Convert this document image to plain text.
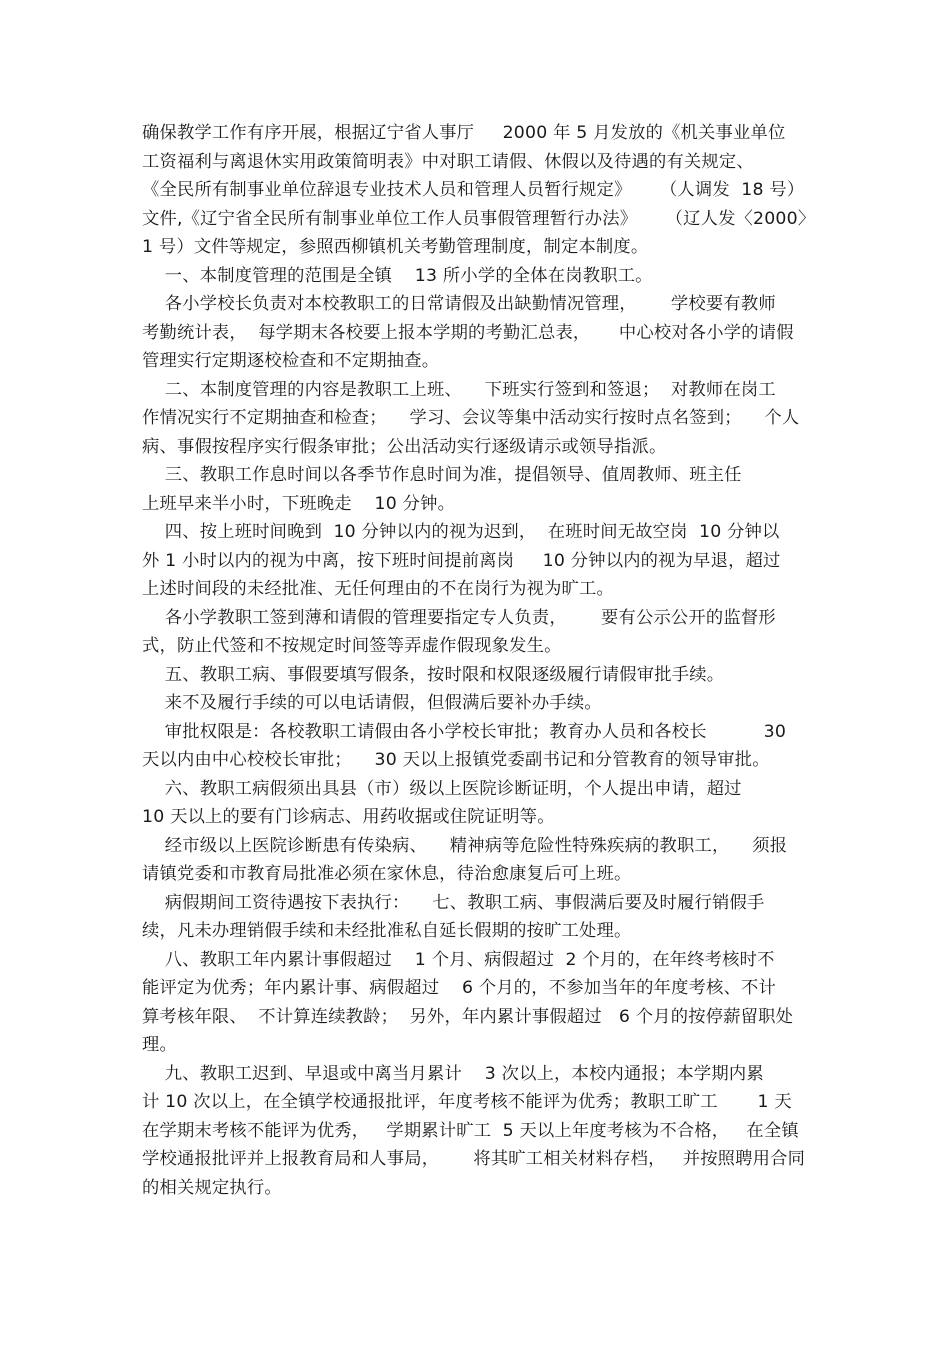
确保教学工作有序开展，根据辽宁省人事厅     2000 年 5 月发放的《机关事业单位
工资福利与离退休实用政策简明表》中对职工请假、休假以及待遇的有关规定、
《全民所有制事业单位辞退专业技术人员和管理人员暂行规定》     （人调发  18 号）
文件,《辽宁省全民所有制事业单位工作人员事假管理暂行办法》     （辽人发〈2000〉
1 号）文件等规定，参照西柳镇机关考勤管理制度，制定本制度。
一、本制度管理的范围是全镇    13 所小学的全体在岗教职工。
各小学校长负责对本校教职工的日常请假及出缺勤情况管理，      学校要有教师
考勤统计表，  每学期末各校要上报本学期的考勤汇总表，     中心校对各小学的请假
管理实行定期逐校检查和不定期抽查。
二、本制度管理的内容是教职工上班、    下班实行签到和签退；  对教师在岗工
作情况实行不定期抽查和检查；    学习、会议等集中活动实行按时点名签到；    个人
病、事假按程序实行假条审批；公出活动实行逐级请示或领导指派。
三、教职工作息时间以各季节作息时间为准，提倡领导、值周教师、班主任
上班早来半小时，下班晚走    10 分钟。
四、按上班时间晚到  10 分钟以内的视为迟到，  在班时间无故空岗  10 分钟以
外 1 小时以内的视为中离，按下班时间提前离岗     10 分钟以内的视为早退，超过
上述时间段的未经批准、无任何理由的不在岗行为视为旷工。
各小学教职工签到薄和请假的管理要指定专人负责，      要有公示公开的监督形
式，防止代签和不按规定时间签等弄虚作假现象发生。
五、教职工病、事假要填写假条，按时限和权限逐级履行请假审批手续。
来不及履行手续的可以电话请假，但假满后要补办手续。
审批权限是：各校教职工请假由各小学校长审批；教育办人员和各校长          30
天以内由中心校校长审批；    30 天以上报镇党委副书记和分管教育的领导审批。
六、教职工病假须出具县（市）级以上医院诊断证明，个人提出申请，超过
10 天以上的要有门诊病志、用药收据或住院证明等。
经市级以上医院诊断患有传染病、    精神病等危险性特殊疾病的教职工，    须报
请镇党委和市教育局批准必须在家休息，待治愈康复后可上班。
病假期间工资待遇按下表执行：    七、教职工病、事假满后要及时履行销假手
续，凡未办理销假手续和未经批准私自延长假期的按旷工处理。
八、教职工年内累计事假超过    1 个月、病假超过  2 个月的，在年终考核时不
能评定为优秀；年内累计事、病假超过    6 个月的，不参加当年的年度考核、不计
算考核年限、  不计算连续教龄；  另外，年内累计事假超过   6 个月的按停薪留职处
理。
九、教职工迟到、早退或中离当月累计    3 次以上，本校内通报；本学期内累
计 10 次以上，在全镇学校通报批评，年度考核不能评为优秀；教职工旷工       1 天
在学期末考核不能评为优秀，   学期累计旷工  5 天以上年度考核为不合格，   在全镇
学校通报批评并上报教育局和人事局，      将其旷工相关材料存档，   并按照聘用合同
的相关规定执行。
